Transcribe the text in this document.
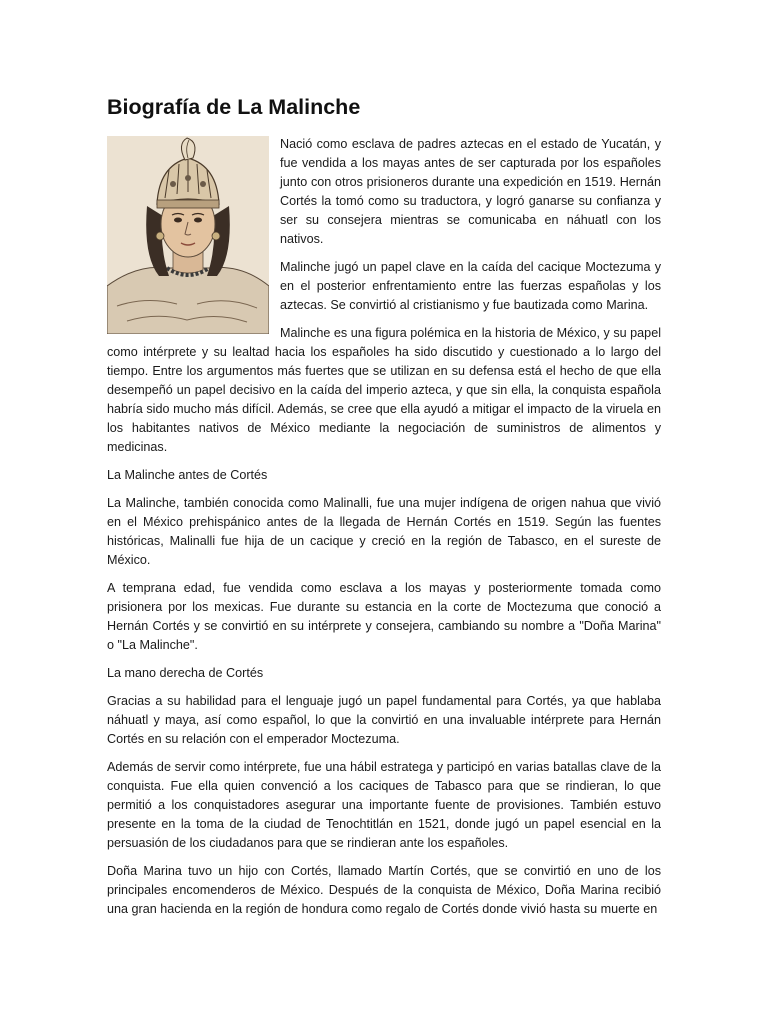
Biografía de La Malinche

Nació como esclava de padres aztecas en el estado de Yucatán, y fue vendida a los mayas antes de ser capturada por los españoles junto con otros prisioneros durante una expedición en 1519. Hernán Cortés la tomó como su traductora, y logró ganarse su confianza y ser su consejera mientras se comunicaba en náhuatl con los nativos.

Malinche jugó un papel clave en la caída del cacique Moctezuma y en el posterior enfrentamiento entre las fuerzas españolas y los aztecas. Se convirtió al cristianismo y fue bautizada como Marina.

Malinche es una figura polémica en la historia de México, y su papel como intérprete y su lealtad hacia los españoles ha sido discutido y cuestionado a lo largo del tiempo. Entre los argumentos más fuertes que se utilizan en su defensa está el hecho de que ella desempeñó un papel decisivo en la caída del imperio azteca, y que sin ella, la conquista española habría sido mucho más difícil. Además, se cree que ella ayudó a mitigar el impacto de la viruela en los habitantes nativos de México mediante la negociación de suministros de alimentos y medicinas.

La Malinche antes de Cortés

La Malinche, también conocida como Malinalli, fue una mujer indígena de origen nahua que vivió en el México prehispánico antes de la llegada de Hernán Cortés en 1519. Según las fuentes históricas, Malinalli fue hija de un cacique y creció en la región de Tabasco, en el sureste de México.

A temprana edad, fue vendida como esclava a los mayas y posteriormente tomada como prisionera por los mexicas. Fue durante su estancia en la corte de Moctezuma que conoció a Hernán Cortés y se convirtió en su intérprete y consejera, cambiando su nombre a "Doña Marina" o "La Malinche".

La mano derecha de Cortés

Gracias a su habilidad para el lenguaje jugó un papel fundamental para Cortés, ya que hablaba náhuatl y maya, así como español, lo que la convirtió en una invaluable intérprete para Hernán Cortés en su relación con el emperador Moctezuma.

Además de servir como intérprete, fue una hábil estratega y participó en varias batallas clave de la conquista. Fue ella quien convenció a los caciques de Tabasco para que se rindieran, lo que permitió a los conquistadores asegurar una importante fuente de provisiones. También estuvo presente en la toma de la ciudad de Tenochtitlán en 1521, donde jugó un papel esencial en la persuasión de los ciudadanos para que se rindieran ante los españoles.

Doña Marina tuvo un hijo con Cortés, llamado Martín Cortés, que se convirtió en uno de los principales encomenderos de México. Después de la conquista de México, Doña Marina recibió una gran hacienda en la región de hondura como regalo de Cortés donde vivió hasta su muerte en
